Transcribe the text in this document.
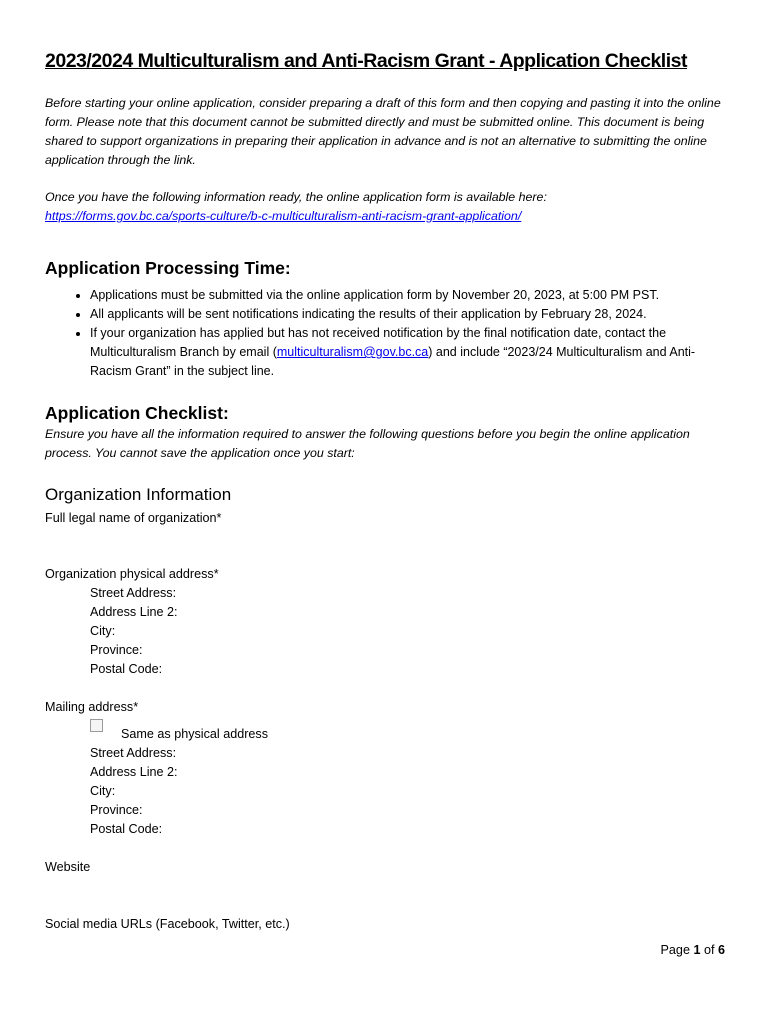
2023/2024 Multiculturalism and Anti-Racism Grant - Application Checklist

Before starting your online application, consider preparing a draft of this form and then copying and pasting it into the online form. Please note that this document cannot be submitted directly and must be submitted online. This document is being shared to support organizations in preparing their application in advance and is not an alternative to submitting the online application through the link.

Once you have the following information ready, the online application form is available here:
https://forms.gov.bc.ca/sports-culture/b-c-multiculturalism-anti-racism-grant-application/

Application Processing Time:
• Applications must be submitted via the online application form by November 20, 2023, at 5:00 PM PST.
• All applicants will be sent notifications indicating the results of their application by February 28, 2024.
• If your organization has applied but has not received notification by the final notification date, contact the Multiculturalism Branch by email (multiculturalism@gov.bc.ca) and include “2023/24 Multiculturalism and Anti-Racism Grant” in the subject line.
Application Checklist:

Ensure you have all the information required to answer the following questions before you begin the online application process. You cannot save the application once you start:

Organization Information

Full legal name of organization*

Organization physical address*

Street Address:
Address Line 2:
City:
Province:
Postal Code:

Mailing address*

Same as physical address
Street Address:
Address Line 2:
City:
Province:
Postal Code:

Website

Social media URLs (Facebook, Twitter, etc.)

Page 1 of 6
